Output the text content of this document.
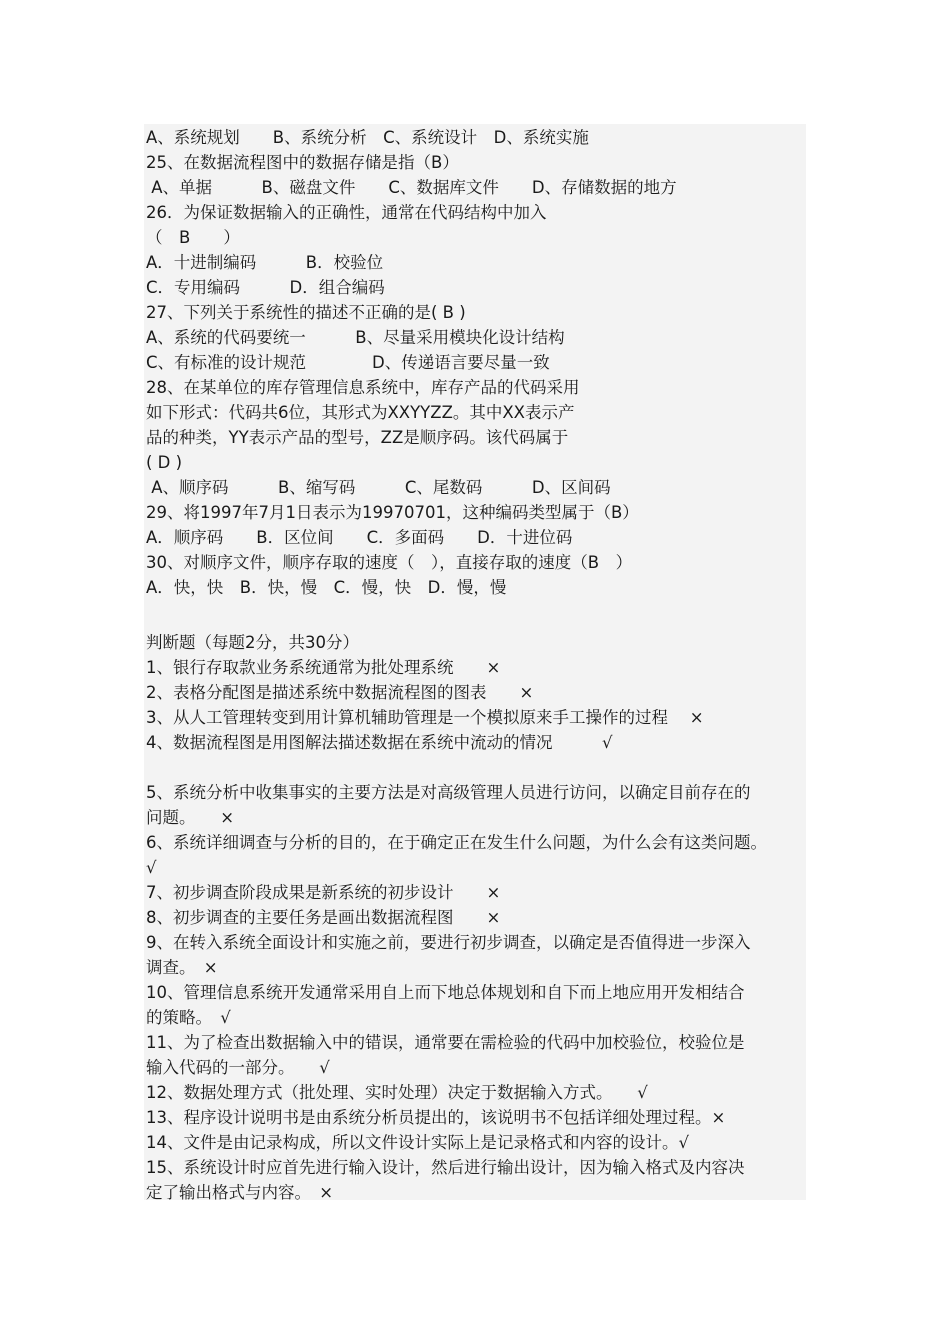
A、系统规划　　B、系统分析　C、系统设计　D、系统实施
25、在数据流程图中的数据存储是指（B）
A、单据　　　B、磁盘文件　　C、数据库文件　　D、存储数据的地方
26．为保证数据输入的正确性，通常在代码结构中加入
（　B　　）
A．十进制编码　　　B．校验位
C．专用编码　　　D．组合编码
27、下列关于系统性的描述不正确的是( B )
A、系统的代码要统一　　　B、尽量采用模块化设计结构
C、有标准的设计规范　　　　D、传递语言要尽量一致
28、在某单位的库存管理信息系统中，库存产品的代码采用
如下形式：代码共6位，其形式为XXYYZZ。其中XX表示产
品的种类，YY表示产品的型号，ZZ是顺序码。该代码属于
( D )
A、顺序码　　　B、缩写码　　　C、尾数码　　　D、区间码
29、将1997年7月1日表示为19970701，这种编码类型属于（B）
A．顺序码　　B．区位间　　C．多面码　　D．十进位码
30、对顺序文件，顺序存取的速度（　），直接存取的速度（B　）
A．快，快　B．快，慢　C．慢，快　D．慢，慢
判断题（每题2分，共30分）
1、银行存取款业务系统通常为批处理系统　　×
2、表格分配图是描述系统中数据流程图的图表　　×
3、从人工管理转变到用计算机辅助管理是一个模拟原来手工操作的过程　 ×
4、数据流程图是用图解法描述数据在系统中流动的情况　　　√
5、系统分析中收集事实的主要方法是对高级管理人员进行访问，以确定目前存在的
问题。　　×
6、系统详细调查与分析的目的，在于确定正在发生什么问题，为什么会有这类问题。
√
7、初步调查阶段成果是新系统的初步设计　　×
8、初步调查的主要任务是画出数据流程图　　×
9、在转入系统全面设计和实施之前，要进行初步调查，以确定是否值得进一步深入
调查。　×
10、管理信息系统开发通常采用自上而下地总体规划和自下而上地应用开发相结合
的策略。　√
11、为了检查出数据输入中的错误，通常要在需检验的代码中加校验位，校验位是
输入代码的一部分。　　√
12、数据处理方式（批处理、实时处理）决定于数据输入方式。　　√
13、程序设计说明书是由系统分析员提出的，该说明书不包括详细处理过程。×
14、文件是由记录构成，所以文件设计实际上是记录格式和内容的设计。√
15、系统设计时应首先进行输入设计，然后进行输出设计，因为输入格式及内容决
定了输出格式与内容。　×
